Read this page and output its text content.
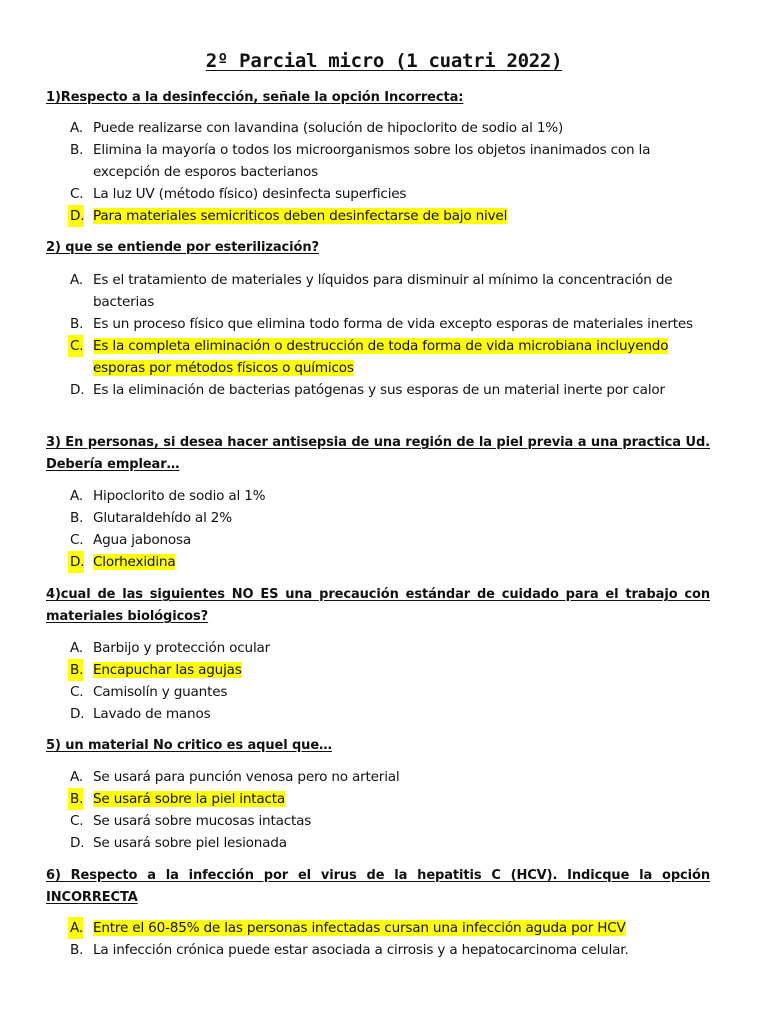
2º Parcial micro (1 cuatri 2022)
1)Respecto a la desinfección, señale la opción Incorrecta:
A. Puede realizarse con lavandina (solución de hipoclorito de sodio al 1%)
B. Elimina la mayoría o todos los microorganismos sobre los objetos inanimados con la excepción de esporos bacterianos
C. La luz UV (método físico) desinfecta superficies
D. Para materiales semicriticos deben desinfectarse de bajo nivel
2) que se entiende por esterilización?
A. Es el tratamiento de materiales y líquidos para disminuir al mínimo la concentración de bacterias
B. Es un proceso físico que elimina todo forma de vida excepto esporas de materiales inertes
C. Es la completa eliminación o destrucción de toda forma de vida microbiana incluyendo esporas por métodos físicos o químicos
D. Es la eliminación de bacterias patógenas y sus esporas de un material inerte por calor
3) En personas, si desea hacer antisepsia de una región de la piel previa a una practica Ud. Debería emplear…
A. Hipoclorito de sodio al 1%
B. Glutaraldehído al 2%
C. Agua jabonosa
D. Clorhexidina
4)cual de las siguientes NO ES una precaución estándar de cuidado para el trabajo con materiales biológicos?
A. Barbijo y protección ocular
B. Encapuchar las agujas
C. Camisolín y guantes
D. Lavado de manos
5) un material No critico es aquel que…
A. Se usará para punción venosa pero no arterial
B. Se usará sobre la piel intacta
C. Se usará sobre mucosas intactas
D. Se usará sobre piel lesionada
6) Respecto a la infección por el virus de la hepatitis C (HCV). Indicque la opción INCORRECTA
A. Entre el 60-85% de las personas infectadas cursan una infección aguda por HCV
B. La infección crónica puede estar asociada a cirrosis y a hepatocarcinoma celular.
